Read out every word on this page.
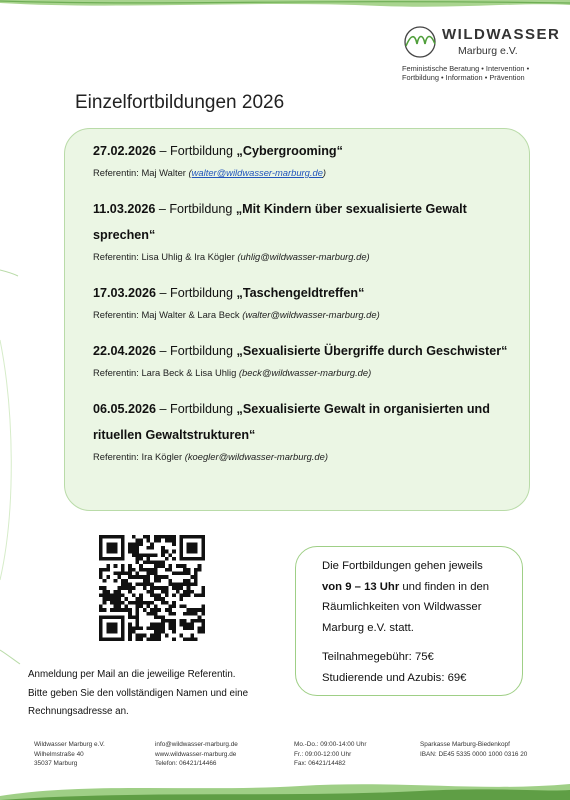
WILDWASSER
Marburg e.V.
Feministische Beratung • Intervention •
Fortbildung • Information • Prävention
Einzelfortbildungen 2026
27.02.2026 – Fortbildung „Cybergrooming“
Referentin: Maj Walter (walter@wildwasser-marburg.de)
11.03.2026 – Fortbildung „Mit Kindern über sexualisierte Gewalt
sprechen“
Referentin: Lisa Uhlig & Ira Kögler (uhlig@wildwasser-marburg.de)
17.03.2026 – Fortbildung „Taschengeldtreffen“
Referentin: Maj Walter & Lara Beck (walter@wildwasser-marburg.de)
22.04.2026 – Fortbildung „Sexualisierte Übergriffe durch Geschwister“
Referentin: Lara Beck & Lisa Uhlig (beck@wildwasser-marburg.de)
06.05.2026 – Fortbildung „Sexualisierte Gewalt in organisierten und
rituellen Gewaltstrukturen“
Referentin: Ira Kögler (koegler@wildwasser-marburg.de)
Die Fortbildungen gehen jeweils
von 9 – 13 Uhr und finden in den
Räumlichkeiten von Wildwasser
Marburg e.V. statt.
Teilnahmegebühr: 75€
Studierende und Azubis: 69€
Anmeldung per Mail an die jeweilige Referentin.
Bitte geben Sie den vollständigen Namen und eine
Rechnungsadresse an.
Wildwasser Marburg e.V.
Wilhelmstraße 40
35037 Marburg
info@wildwasser-marburg.de
www.wildwasser-marburg.de
Telefon: 06421/14466
Mo.-Do.: 09:00-14:00 Uhr
Fr.: 09:00-12:00 Uhr
Fax: 06421/14482
Sparkasse Marburg-Biedenkopf
IBAN: DE45 5335 0000 1000 0316 20
